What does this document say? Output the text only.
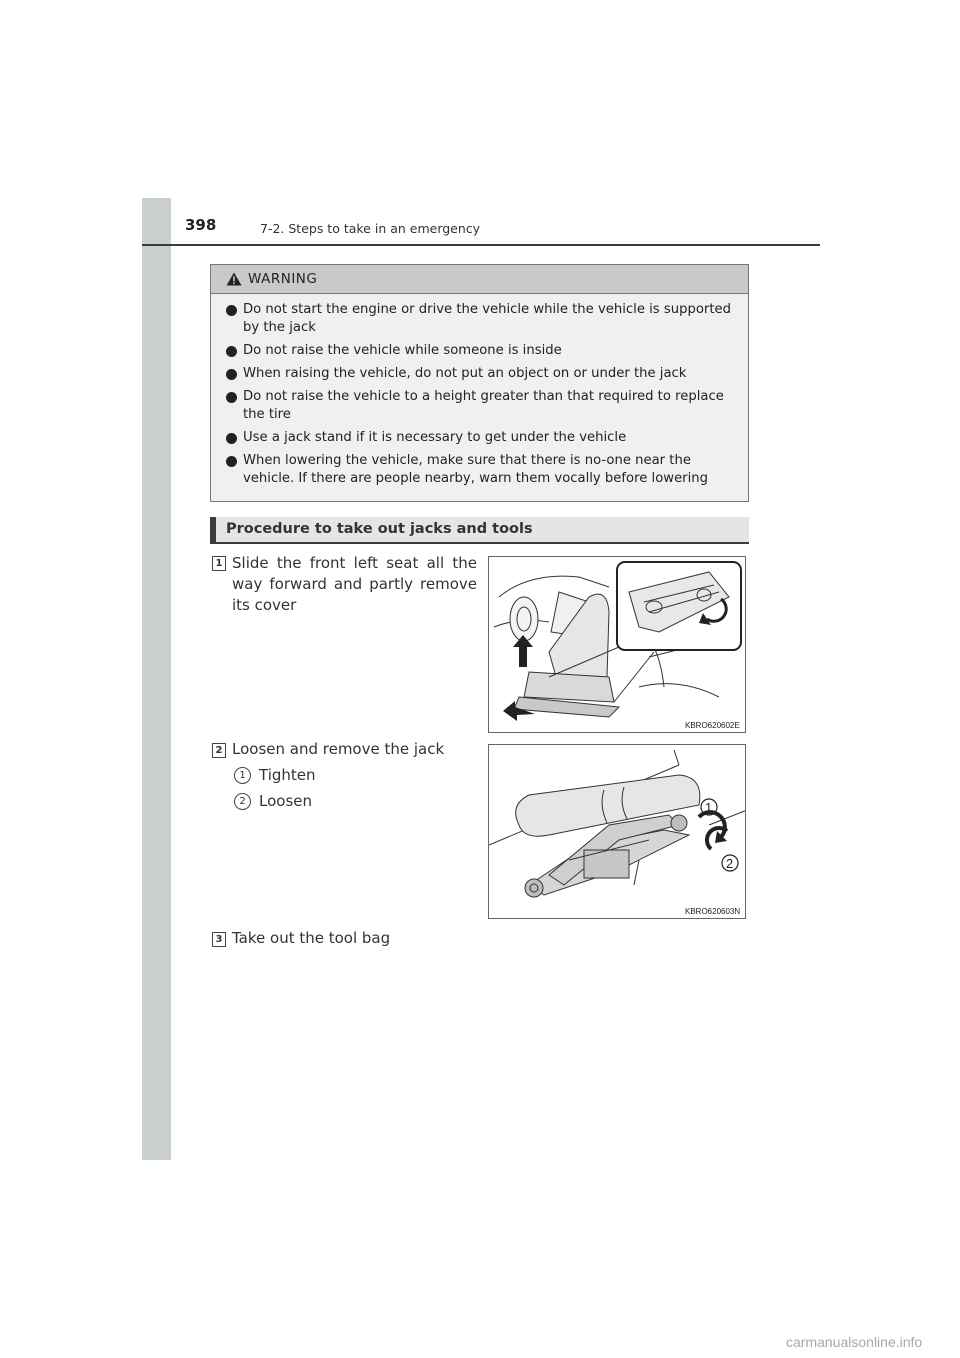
398	7-2. Steps to take in an emergency
WARNING
Do not start the engine or drive the vehicle while the vehicle is supported by the jack
Do not raise the vehicle while someone is inside
When raising the vehicle, do not put an object on or under the jack
Do not raise the vehicle to a height greater than that required to replace the tire
Use a jack stand if it is necessary to get under the vehicle
When lowering the vehicle, make sure that there is no-one near the vehicle. If there are people nearby, warn them vocally before lowering
Procedure to take out jacks and tools
1 Slide the front left seat all the way forward and partly remove its cover
KBRO620602E
2 Loosen and remove the jack
1 Tighten
2 Loosen	1
2
KBRO620603N
3 Take out the tool bag
carmanualsonline.info
